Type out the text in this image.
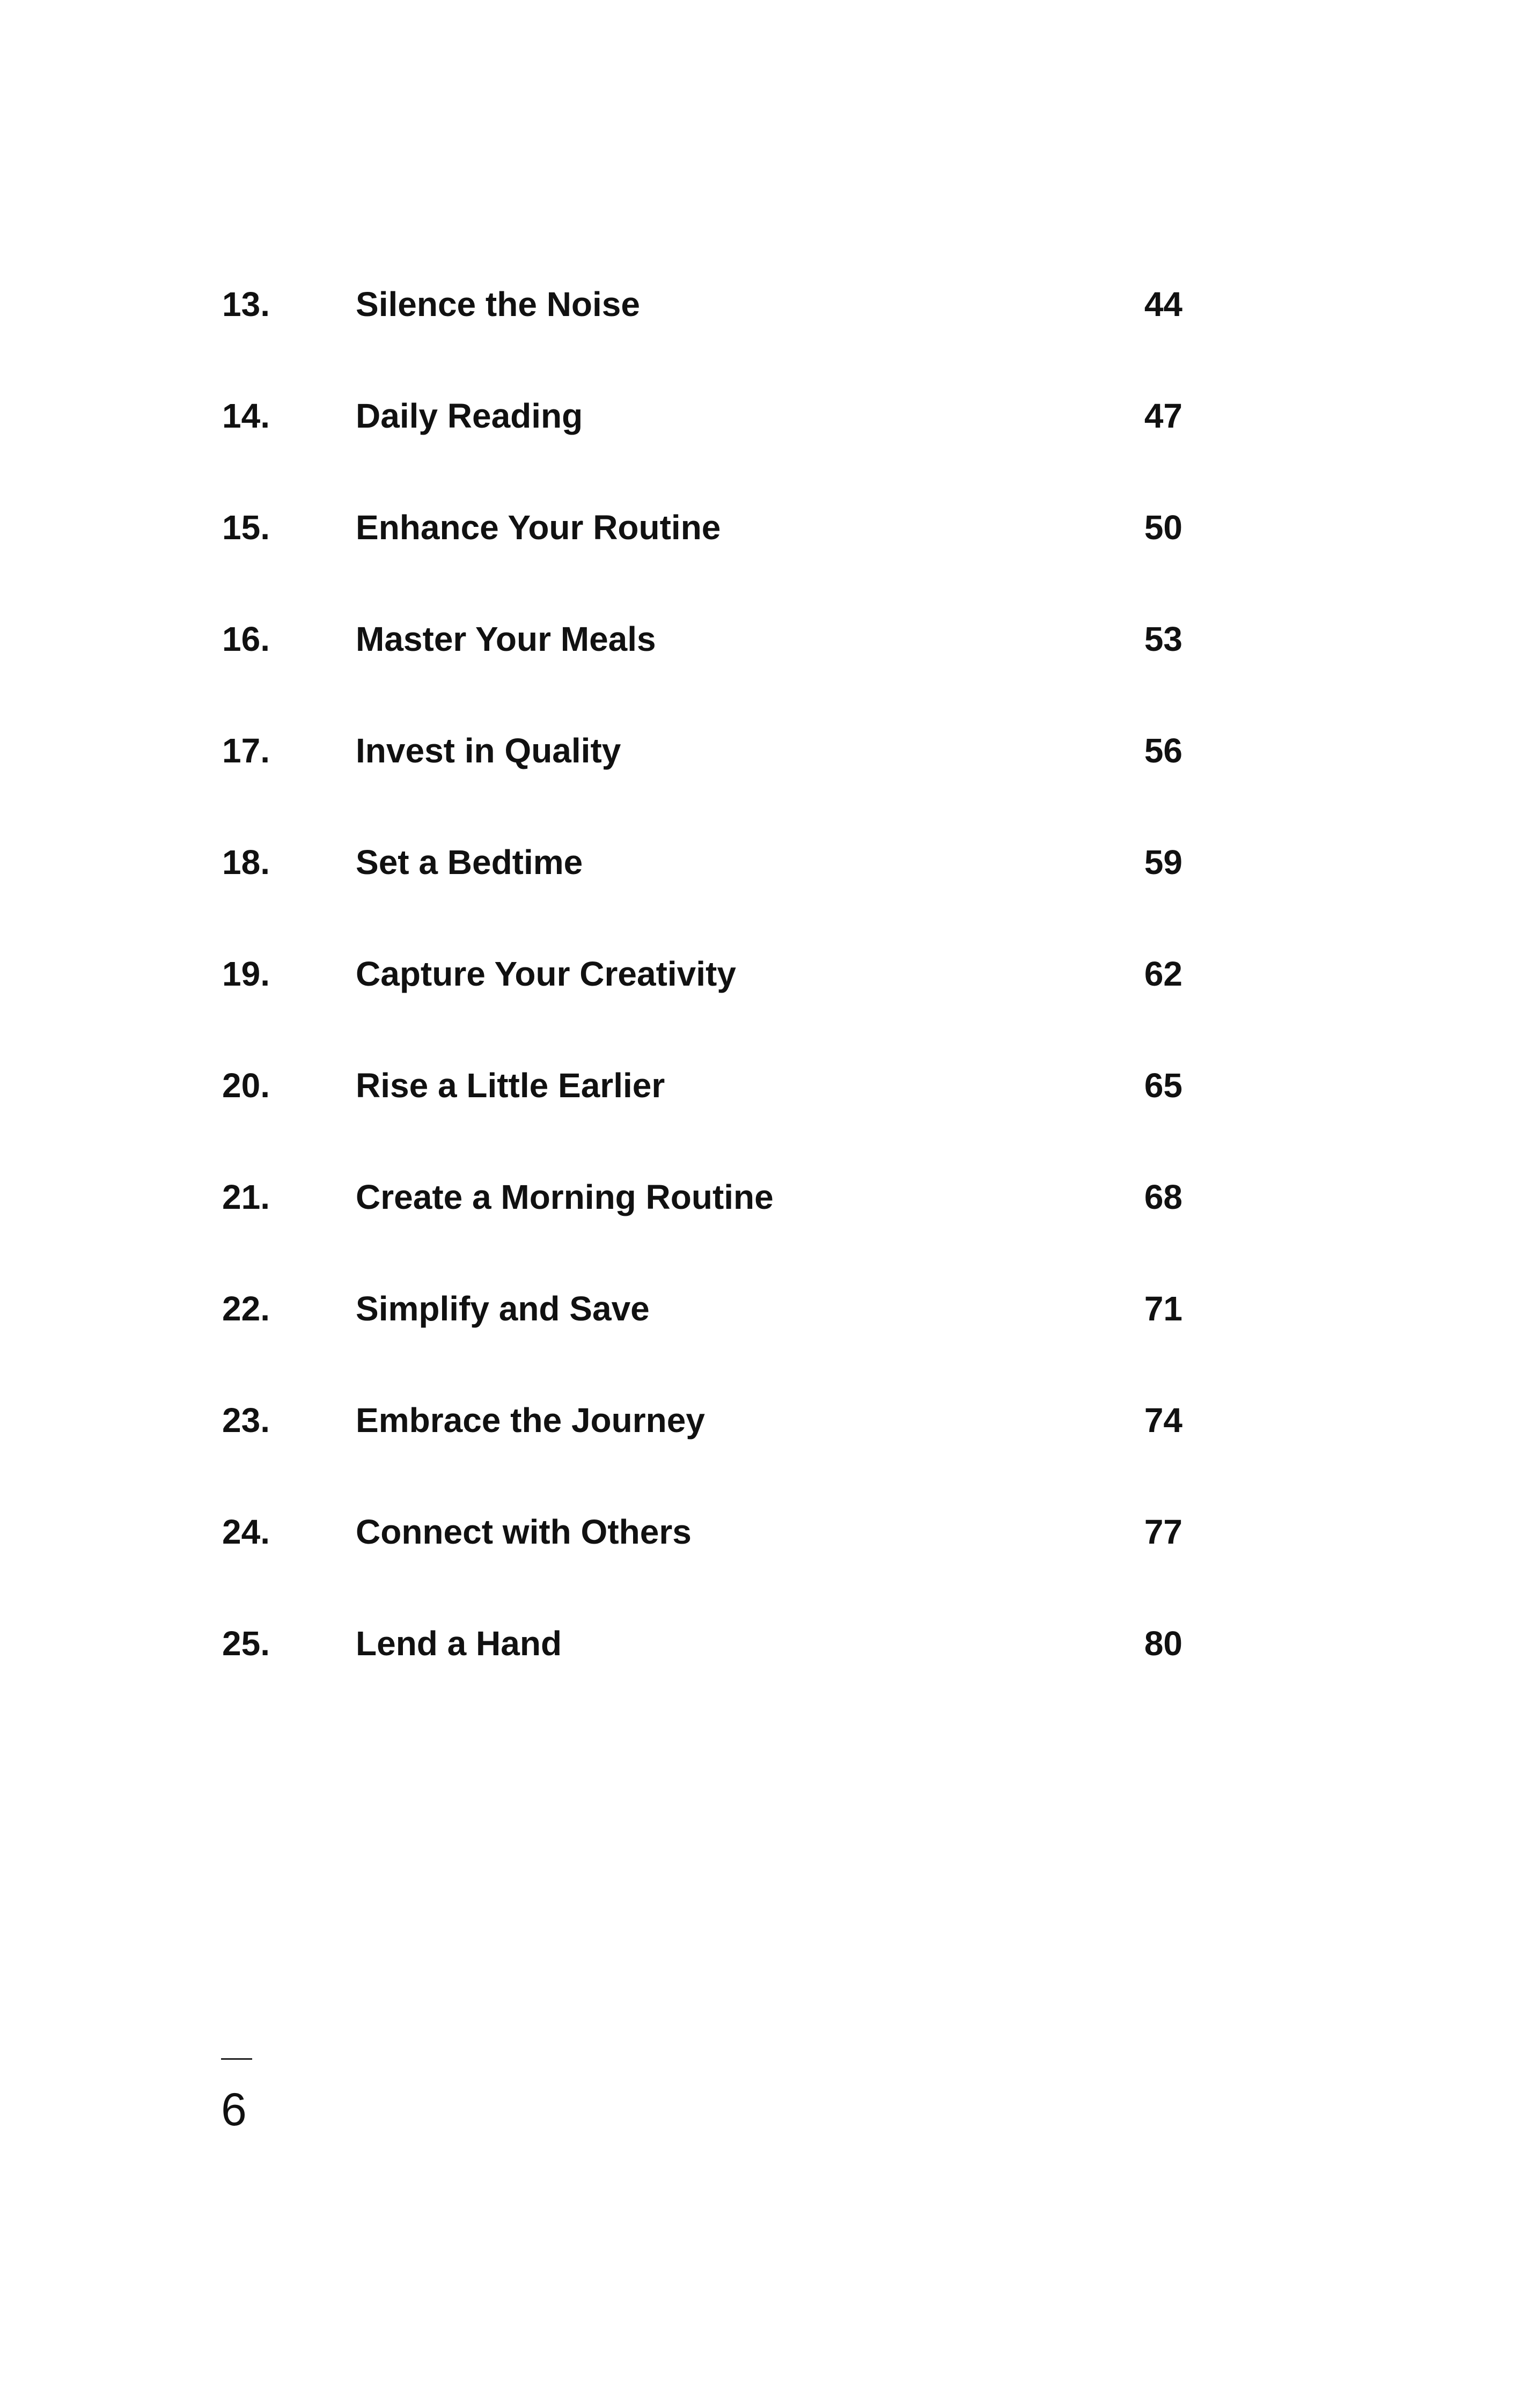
13.	Silence the Noise	44
14.	Daily Reading	47
15.	Enhance Your Routine	50
16.	Master Your Meals	53
17.	Invest in Quality	56
18.	Set a Bedtime	59
19.	Capture Your Creativity	62
20.	Rise a Little Earlier	65
21.	Create a Morning Routine	68
22.	Simplify and Save	71
23.	Embrace the Journey	74
24.	Connect with Others	77
25.	Lend a Hand	80
6
